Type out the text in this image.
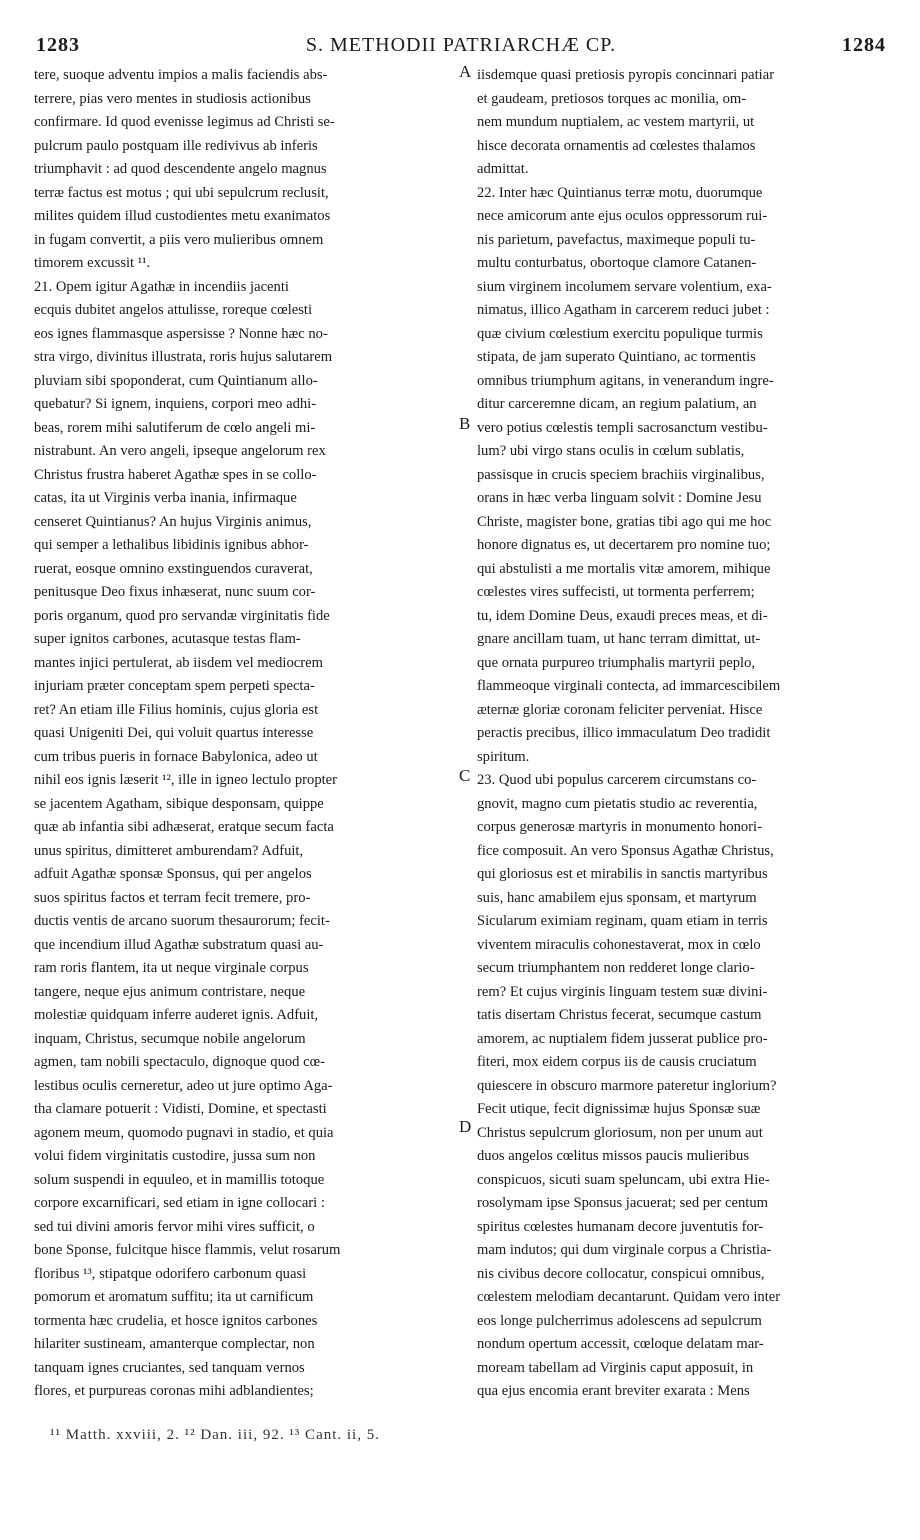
1283	S. METHODII PATRIARCHÆ CP.	1284
tere, suoque adventu impios a malis faciendis abs-
terrere, pias vero mentes in studiosis actionibus
confirmare. Id quod evenisse legimus ad Christi se-
pulcrum paulo postquam ille redivivus ab inferis
triumphavit : ad quod descendente angelo magnus
terræ factus est motus ; qui ubi sepulcrum reclusit,
milites quidem illud custodientes metu exanimatos
in fugam convertit, a piis vero mulieribus omnem
timorem excussit ¹¹.
21. Opem igitur Agathæ in incendiis jacenti
ecquis dubitet angelos attulisse, roreque cœlesti
eos ignes flammasque aspersisse ? Nonne hæc no-
stra virgo, divinitus illustrata, roris hujus salutarem
pluviam sibi spoponderat, cum Quintianum allo-
quebatur? Si ignem, inquiens, corpori meo adhi-
beas, rorem mihi salutiferum de cœlo angeli mi-
nistrabunt. An vero angeli, ipseque angelorum rex
Christus frustra haberet Agathæ spes in se collo-
catas, ita ut Virginis verba inania, infirmaque
censeret Quintianus? An hujus Virginis animus,
qui semper a lethalibus libidinis ignibus abhor-
ruerat, eosque omnino exstinguendos curaverat,
penitusque Deo fixus inhæserat, nunc suum cor-
poris organum, quod pro servandæ virginitatis fide
super ignitos carbones, acutasque testas flam-
mantes injici pertulerat, ab iisdem vel mediocrem
injuriam præter conceptam spem perpeti specta-
ret? An etiam ille Filius hominis, cujus gloria est
quasi Unigeniti Dei, qui voluit quartus interesse
cum tribus pueris in fornace Babylonica, adeo ut
nihil eos ignis læserit ¹², ille in igneo lectulo propter
se jacentem Agatham, sibique desponsam, quippe
quæ ab infantia sibi adhæserat, eratque secum facta
unus spiritus, dimitteret amburendam? Adfuit,
adfuit Agathæ sponsæ Sponsus, qui per angelos
suos spiritus factos et terram fecit tremere, pro-
ductis ventis de arcano suorum thesaurorum; fecit-
que incendium illud Agathæ substratum quasi au-
ram roris flantem, ita ut neque virginale corpus
tangere, neque ejus animum contristare, neque
molestiæ quidquam inferre auderet ignis. Adfuit,
inquam, Christus, secumque nobile angelorum
agmen, tam nobili spectaculo, dignoque quod cœ-
lestibus oculis cerneretur, adeo ut jure optimo Aga-
tha clamare potuerit : Vidisti, Domine, et spectasti
agonem meum, quomodo pugnavi in stadio, et quia
volui fidem virginitatis custodire, jussa sum non
solum suspendi in equuleo, et in mamillis totoque
corpore excarnificari, sed etiam in igne collocari :
sed tui divini amoris fervor mihi vires sufficit, o
bone Sponse, fulcitque hisce flammis, velut rosarum
floribus ¹³, stipatque odorifero carbonum quasi
pomorum et aromatum suffitu; ita ut carnificum
tormenta hæc crudelia, et hosce ignitos carbones
hilariter sustineam, amanterque complectar, non
tanquam ignes cruciantes, sed tanquam vernos
flores, et purpureas coronas mihi adblandientes;
iisdemque quasi pretiosis pyropis concinnari patiar
et gaudeam, pretiosos torques ac monilia, om-
nem mundum nuptialem, ac vestem martyrii, ut
hisce decorata ornamentis ad cœlestes thalamos
admittat.
22. Inter hæc Quintianus terræ motu, duorumque
nece amicorum ante ejus oculos oppressorum rui-
nis parietum, pavefactus, maximeque populi tu-
multu conturbatus, obortoque clamore Catanen-
sium virginem incolumem servare volentium, exa-
nimatus, illico Agatham in carcerem reduci jubet :
quæ civium cœlestium exercitu populique turmis
stipata, de jam superato Quintiano, ac tormentis
omnibus triumphum agitans, in venerandum ingre-
ditur carceremne dicam, an regium palatium, an
vero potius cœlestis templi sacrosanctum vestibu-
lum? ubi virgo stans oculis in cœlum sublatis,
passisque in crucis speciem brachiis virginalibus,
orans in hæc verba linguam solvit : Domine Jesu
Christe, magister bone, gratias tibi ago qui me hoc
honore dignatus es, ut decertarem pro nomine tuo;
qui abstulisti a me mortalis vitæ amorem, mihique
cœlestes vires suffecisti, ut tormenta perferrem;
tu, idem Domine Deus, exaudi preces meas, et di-
gnare ancillam tuam, ut hanc terram dimittat, ut-
que ornata purpureo triumphalis martyrii peplo,
flammeoque virginali contecta, ad immarcescibilem
æternæ gloriæ coronam feliciter perveniat. Hisce
peractis precibus, illico immaculatum Deo tradidit
spiritum.
23. Quod ubi populus carcerem circumstans co-
gnovit, magno cum pietatis studio ac reverentia,
corpus generosæ martyris in monumento honori-
fice composuit. An vero Sponsus Agathæ Christus,
qui gloriosus est et mirabilis in sanctis martyribus
suis, hanc amabilem ejus sponsam, et martyrum
Sicularum eximiam reginam, quam etiam in terris
viventem miraculis cohonestaverat, mox in cœlo
secum triumphantem non redderet longe clario-
rem? Et cujus virginis linguam testem suæ divini-
tatis disertam Christus fecerat, secumque castum
amorem, ac nuptialem fidem jusserat publice pro-
fiteri, mox eidem corpus iis de causis cruciatum
quiescere in obscuro marmore pateretur inglorium?
Fecit utique, fecit dignissimæ hujus Sponsæ suæ
Christus sepulcrum gloriosum, non per unum aut
duos angelos cœlitus missos paucis mulieribus
conspicuos, sicuti suam speluncam, ubi extra Hie-
rosolymam ipse Sponsus jacuerat; sed per centum
spiritus cœlestes humanam decore juventutis for-
mam indutos; qui dum virginale corpus a Christia-
nis civibus decore collocatur, conspicui omnibus,
cœlestem melodiam decantarunt. Quidam vero inter
eos longe pulcherrimus adolescens ad sepulcrum
nondum opertum accessit, cœloque delatam mar-
moream tabellam ad Virginis caput apposuit, in
qua ejus encomia erant breviter exarata : Mens
A
B
C
D
¹¹ Matth. xxviii, 2. ¹² Dan. iii, 92. ¹³ Cant. ii, 5.
